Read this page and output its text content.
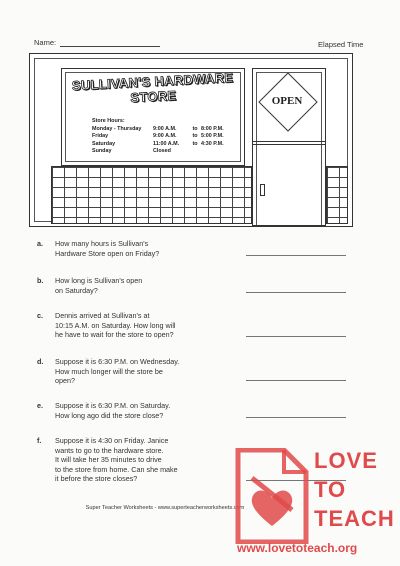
Name:	Elapsed Time
SULLIVAN'S HARDWARE STORE
Store Hours:			
Monday - Thursday	9:00 A.M.	to	8:00 P.M.
Friday	9:00 A.M.	to	5:00 P.M.
Saturday	11:00 A.M.	to	4:30 P.M.
Sunday	Closed		
OPEN
a. How many hours is Sullivan's
Hardware Store open on Friday?
b. How long is Sullivan's open
on Saturday?
c. Dennis arrived at Sullivan's at
10:15 A.M. on Saturday. How long will
he have to wait for the store to open?
d. Suppose it is 6:30 P.M. on Wednesday.
How much longer will the store be
open?
e. Suppose it is 6:30 P.M. on Saturday.
How long ago did the store close?
f. Suppose it is 4:30 on Friday. Janice
wants to go to the hardware store.
It will take her 35 minutes to drive
to the store from home. Can she make
it before the store closes?
Super Teacher Worksheets - www.superteacherworksheets.com
LOVE
TO
TEACH
www.lovetoteach.org
